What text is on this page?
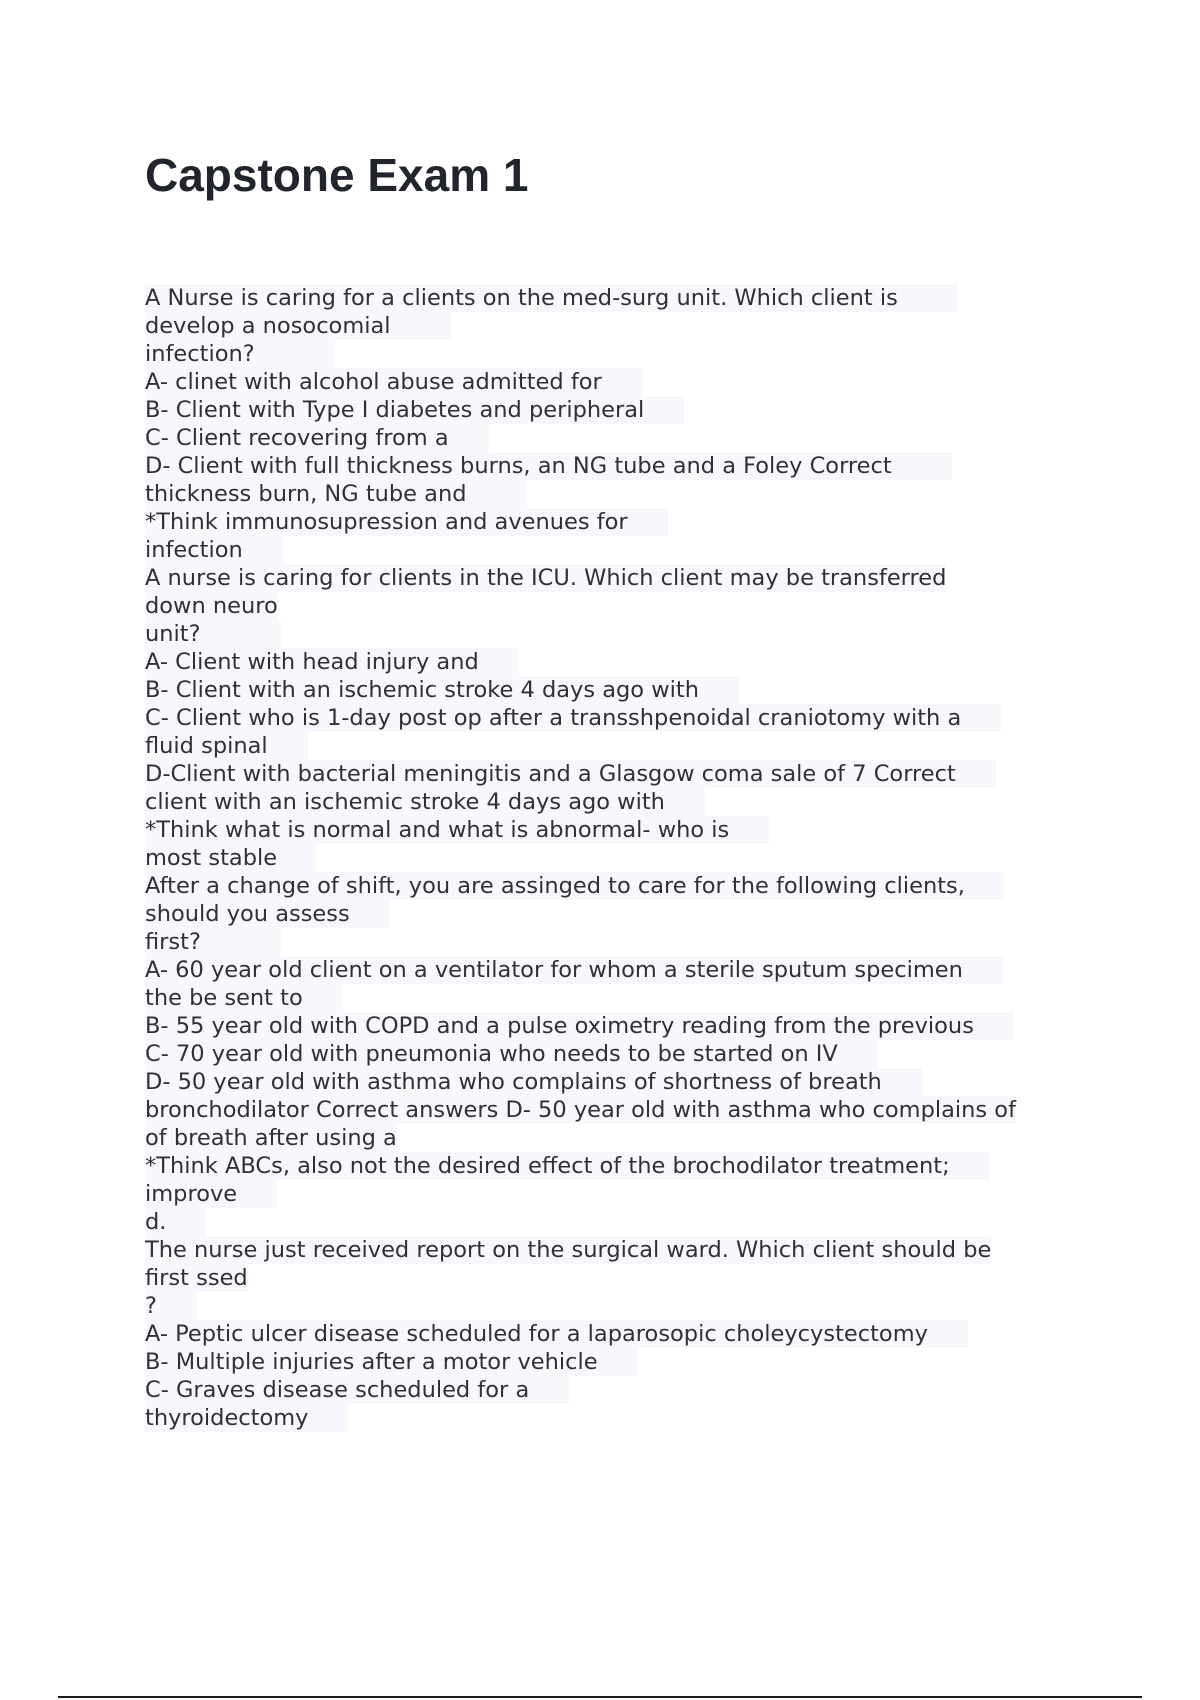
Capstone Exam 1
A Nurse is caring for a clients on the med-surg unit. Which client is
develop a nosocomial
infection?
A- clinet with alcohol abuse admitted for
B- Client with Type I diabetes and peripheral
C- Client recovering from a
D- Client with full thickness burns, an NG tube and a Foley Correct
thickness burn, NG tube and
*Think immunosupression and avenues for
infection
A nurse is caring for clients in the ICU. Which client may be transferred
down neuro
unit?
A- Client with head injury and
B- Client with an ischemic stroke 4 days ago with
C- Client who is 1-day post op after a transshpenoidal craniotomy with a
fluid spinal
D-Client with bacterial meningitis and a Glasgow coma sale of 7 Correct
client with an ischemic stroke 4 days ago with
*Think what is normal and what is abnormal- who is
most stable
After a change of shift, you are assinged to care for the following clients,
should you assess
first?
A- 60 year old client on a ventilator for whom a sterile sputum specimen
the be sent to
B- 55 year old with COPD and a pulse oximetry reading from the previous
C- 70 year old with pneumonia who needs to be started on IV
D- 50 year old with asthma who complains of shortness of breath
bronchodilator Correct answers D- 50 year old with asthma who complains of
of breath after using a
*Think ABCs, also not the desired effect of the brochodilator treatment;
improve
d.
The nurse just received report on the surgical ward. Which client should be
first ssed
?
A- Peptic ulcer disease scheduled for a laparosopic choleycystectomy
B- Multiple injuries after a motor vehicle
C- Graves disease scheduled for a
thyroidectomy
